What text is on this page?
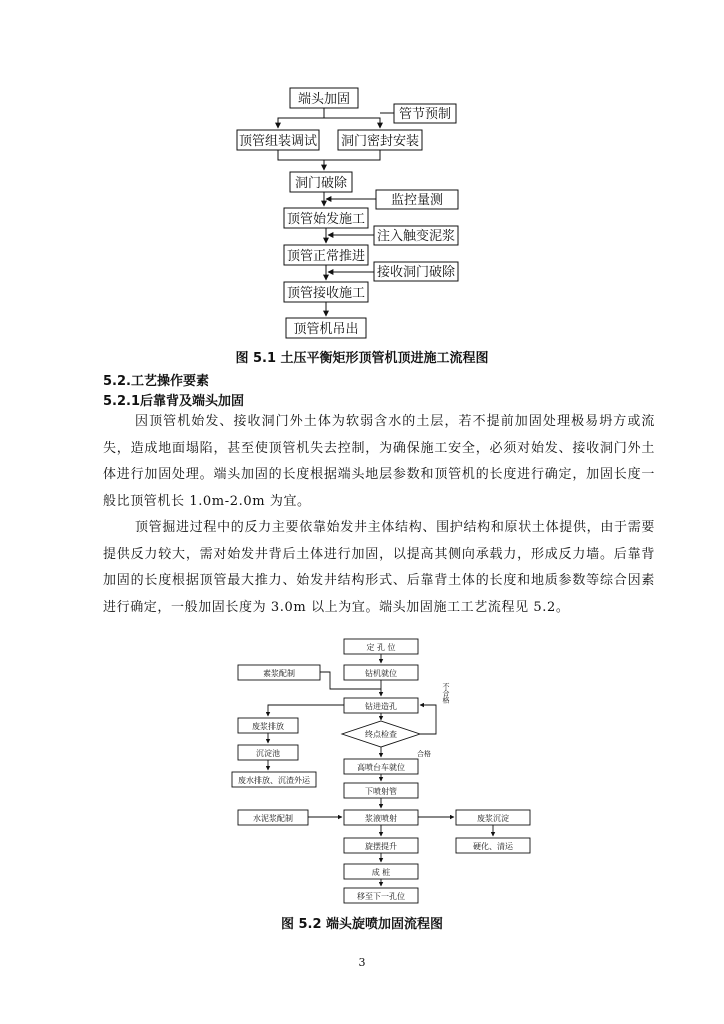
端头加固
管节预制
顶管组装调试 洞门密封安装
洞门破除
监控量测
顶管始发施工
注入触变泥浆
顶管正常推进
接收洞门破除
顶管接收施工
顶管机吊出
图 5.1 土压平衡矩形顶管机顶进施工流程图
5.2.工艺操作要素
5.2.1后靠背及端头加固
因顶管机始发、接收洞门外土体为软弱含水的土层，若不提前加固处理极易坍方或流失，造成地面塌陷，甚至使顶管机失去控制，为确保施工安全，必须对始发、接收洞门外土体进行加固处理。端头加固的长度根据端头地层参数和顶管机的长度进行确定，加固长度一般比顶管机长 1.0m-2.0m 为宜。
顶管掘进过程中的反力主要依靠始发井主体结构、围护结构和原状土体提供，由于需要提供反力较大，需对始发井背后土体进行加固，以提高其侧向承载力，形成反力墙。后靠背加固的长度根据顶管最大推力、始发井结构形式、后靠背土体的长度和地质参数等综合因素进行确定，一般加固长度为 3.0m 以上为宜。端头加固施工工艺流程见 5.2。
定 孔 位
钻机就位
素浆配制
钻进造孔
终点检查
废浆排放
沉淀池
废水排放、沉渣外运
高喷台车就位
下喷射管
水泥浆配制	浆液喷射	废浆沉淀
旋摆提升	硬化、清运
成 桩
移至下一孔位
合格
不合格
图 5.2 端头旋喷加固流程图
3
